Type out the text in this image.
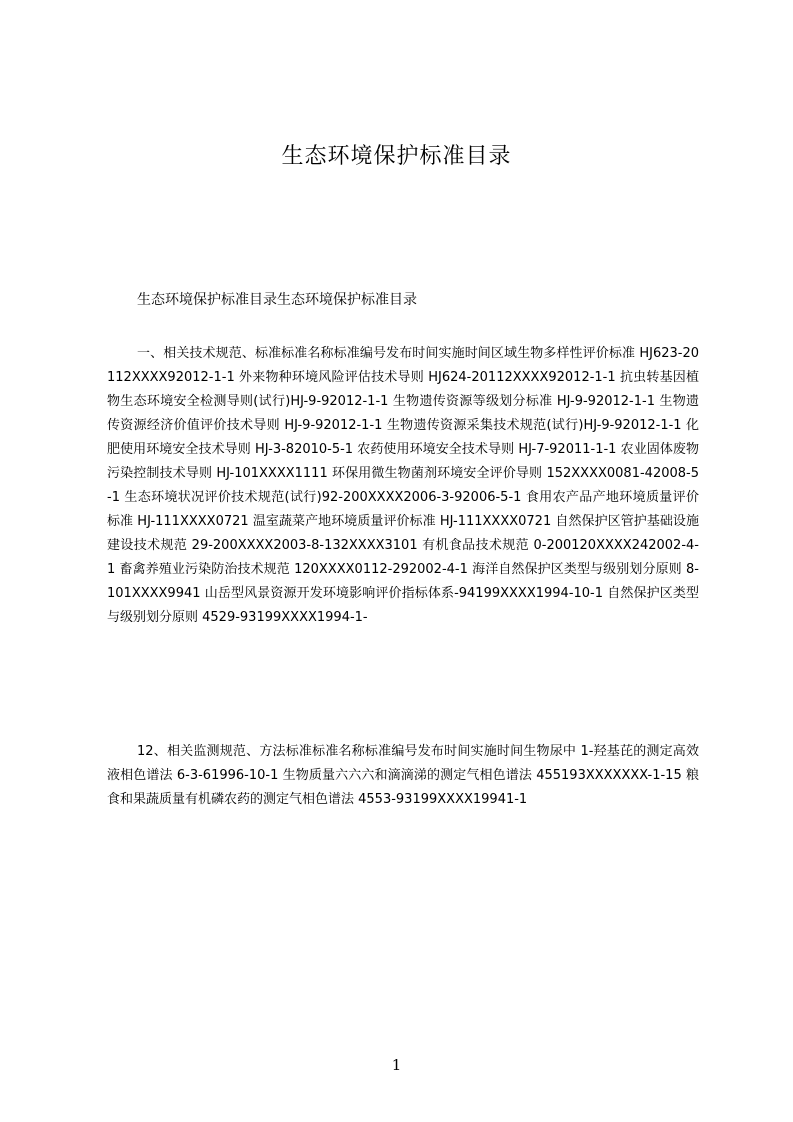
生态环境保护标准目录
生态环境保护标准目录生态环境保护标准目录
一、相关技术规范、标准标准名称标准编号发布时间实施时间区域生物多样性评价标准 HJ623-20112XXXX92012-1-1 外来物种环境风险评估技术导则 HJ624-20112XXXX92012-1-1 抗虫转基因植物生态环境安全检测导则(试行)HJ-9-92012-1-1 生物遗传资源等级划分标准 HJ-9-92012-1-1 生物遗传资源经济价值评价技术导则 HJ-9-92012-1-1 生物遗传资源采集技术规范(试行)HJ-9-92012-1-1 化肥使用环境安全技术导则 HJ-3-82010-5-1 农药使用环境安全技术导则 HJ-7-92011-1-1 农业固体废物污染控制技术导则 HJ-101XXXX1111 环保用微生物菌剂环境安全评价导则 152XXXX0081-42008-5-1 生态环境状况评价技术规范(试行)92-200XXXX2006-3-92006-5-1 食用农产品产地环境质量评价标准 HJ-111XXXX0721 温室蔬菜产地环境质量评价标准 HJ-111XXXX0721 自然保护区管护基础设施建设技术规范 29-200XXXX2003-8-132XXXX3101 有机食品技术规范 0-200120XXXX242002-4-1 畜禽养殖业污染防治技术规范 120XXXX0112-292002-4-1 海洋自然保护区类型与级别划分原则 8-101XXXX9941 山岳型风景资源开发环境影响评价指标体系-94199XXXX1994-10-1 自然保护区类型与级别划分原则 4529-93199XXXX1994-1-
12、相关监测规范、方法标准标准名称标准编号发布时间实施时间生物尿中 1-羟基芘的测定高效液相色谱法 6-3-61996-10-1 生物质量六六六和滴滴涕的测定气相色谱法 455193XXXXXXX-1-15 粮食和果蔬质量有机磷农药的测定气相色谱法 4553-93199XXXX19941-1
1
